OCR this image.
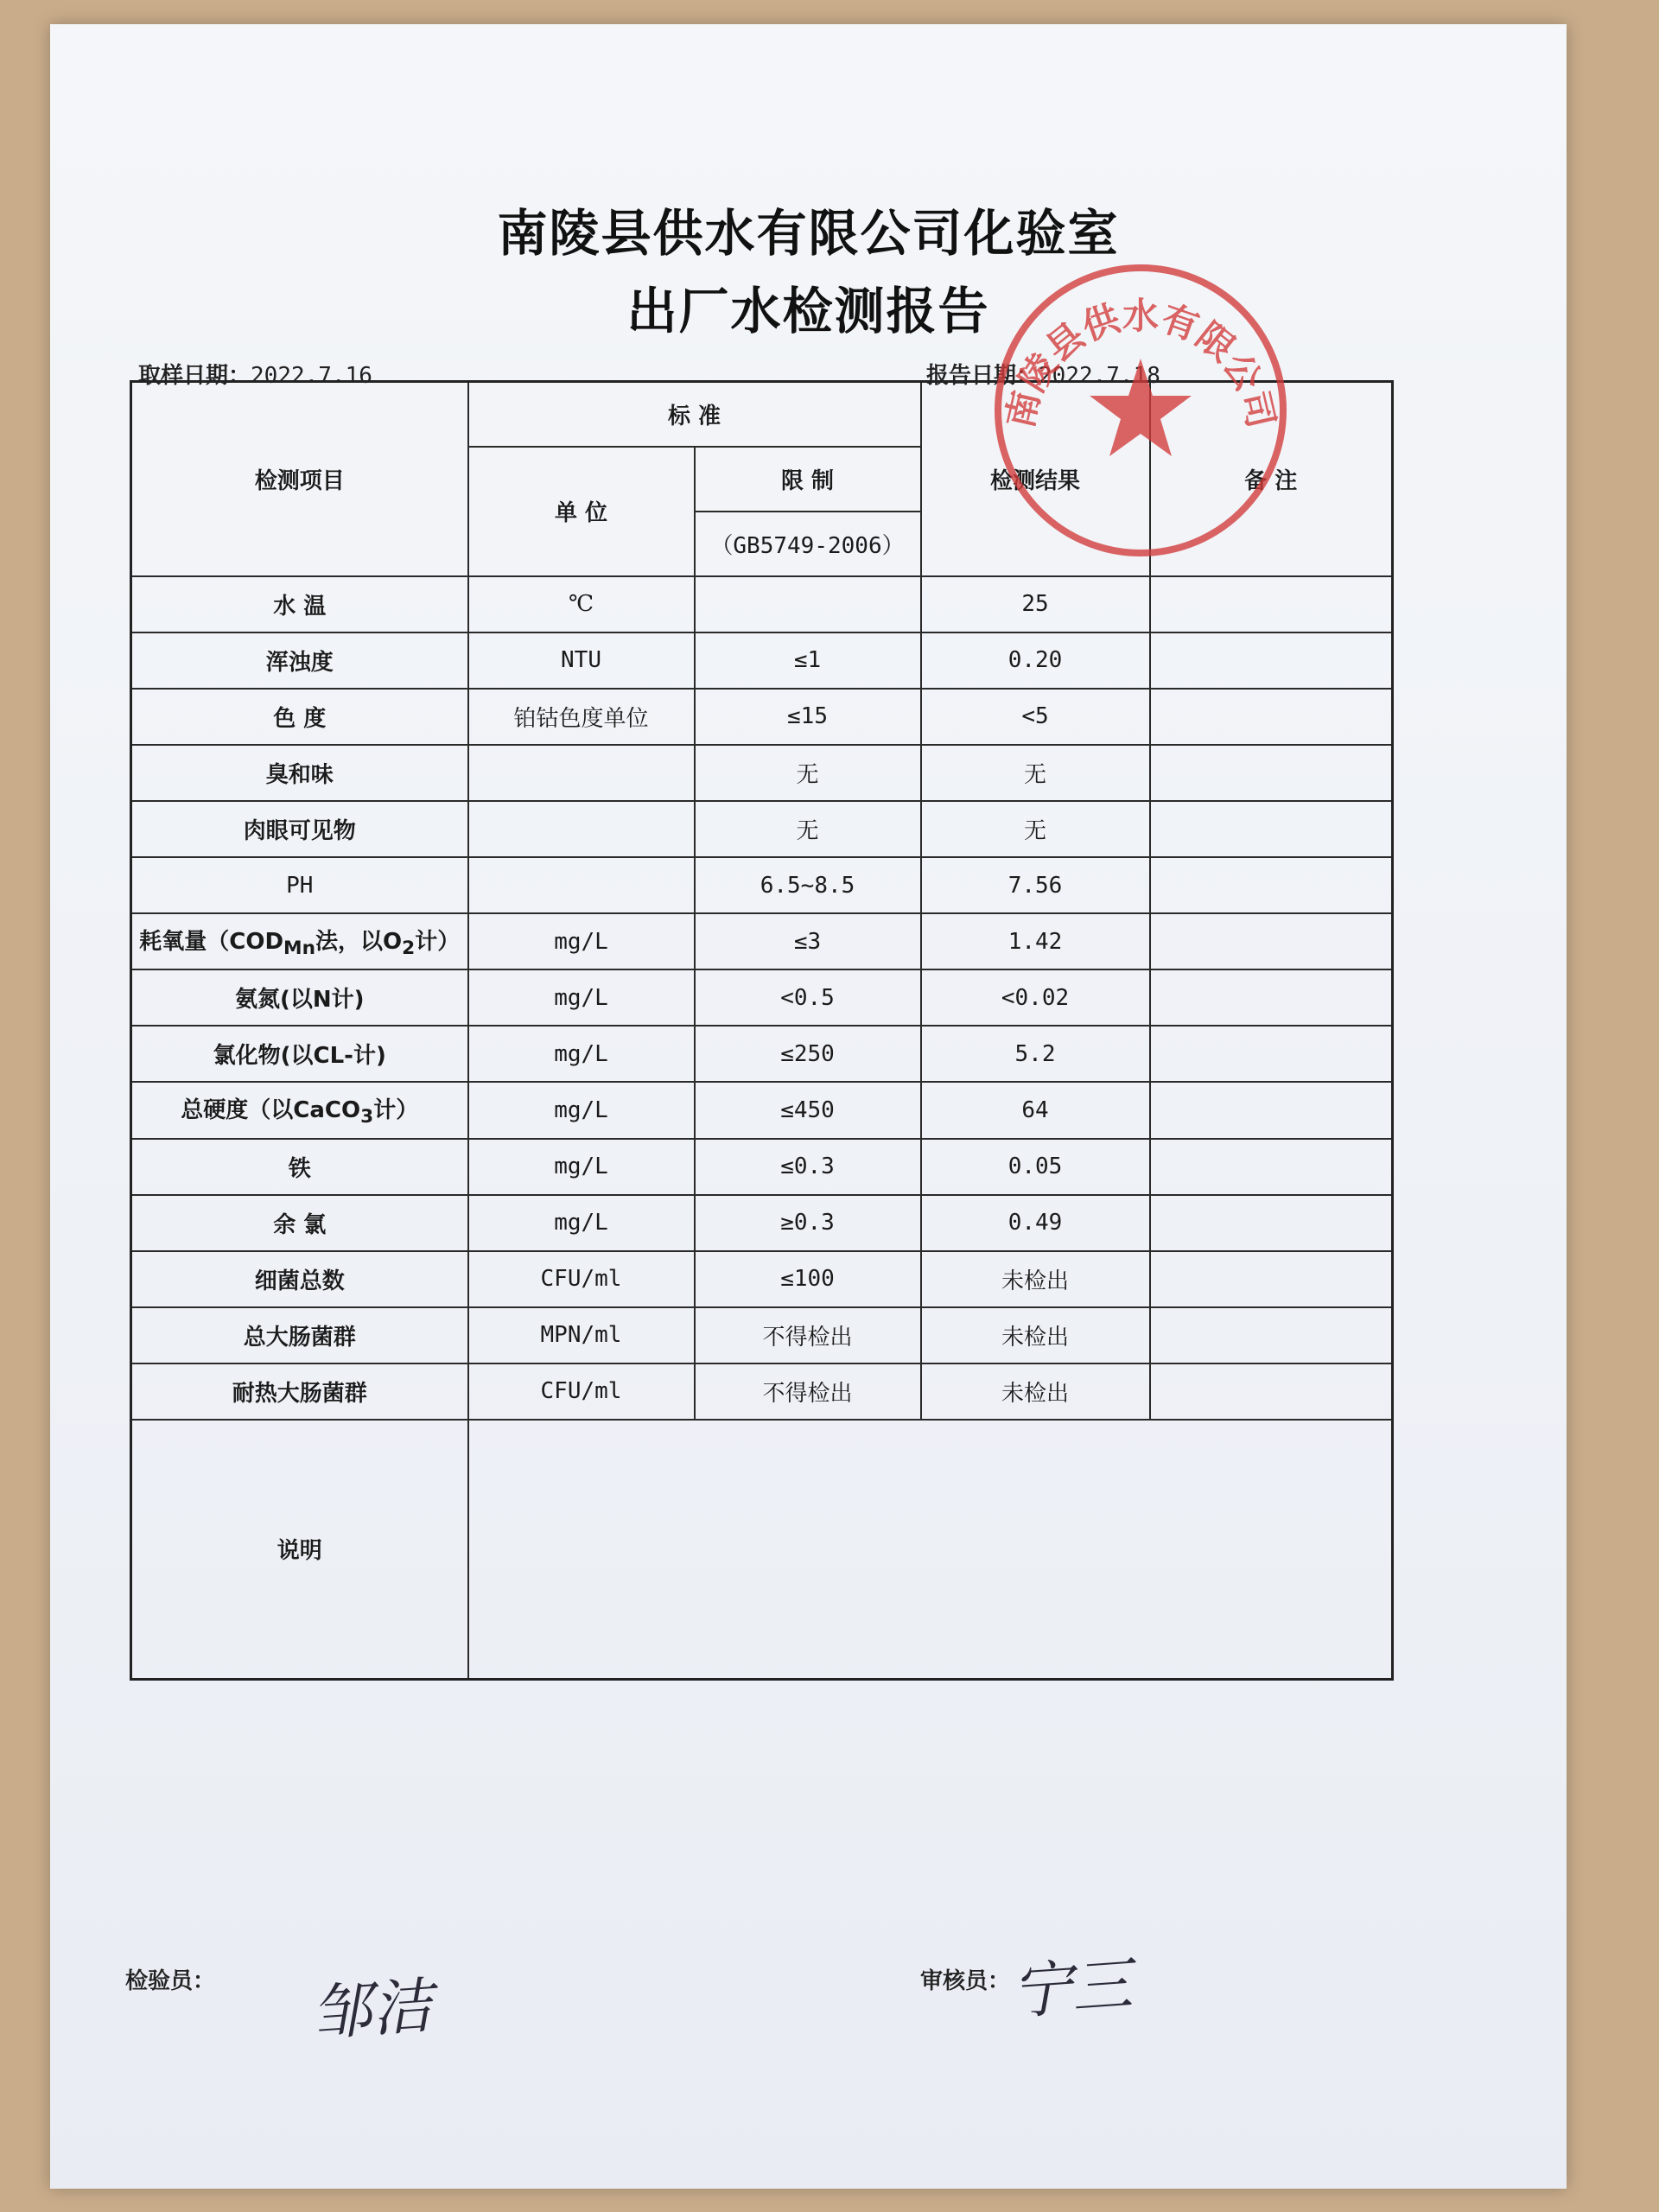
南陵县供水有限公司化验室
出厂水检测报告
取样日期：2022.7.16	报告日期：2022.7.18
检测项目	标 准		检测结果	备 注
	单 位	限 制		
		（GB5749-2006）		
水 温	℃		25	
浑浊度	NTU	≤1	0.20	
色 度	铂钴色度单位	≤15	<5	
臭和味		无	无	
肉眼可见物		无	无	
PH		6.5~8.5	7.56	
耗氧量（$COD_{Mn}$法，以$O_2$计）	mg/L	≤3	1.42	
氨氮(以N计)	mg/L	<0.5	<0.02	
氯化物(以CL-计)	mg/L	≤250	5.2	
总硬度（以CaCO$_3$计）	mg/L	≤450	64	
铁	mg/L	≤0.3	0.05	
余 氯	mg/L	≥0.3	0.49	
细菌总数	CFU/ml	≤100	未检出	
总大肠菌群	MPN/ml	不得检出	未检出	
耐热大肠菌群	CFU/ml	不得检出	未检出	
说明				
检验员： 邹洁	审核员：
宁三
南陵县供水有限公司
